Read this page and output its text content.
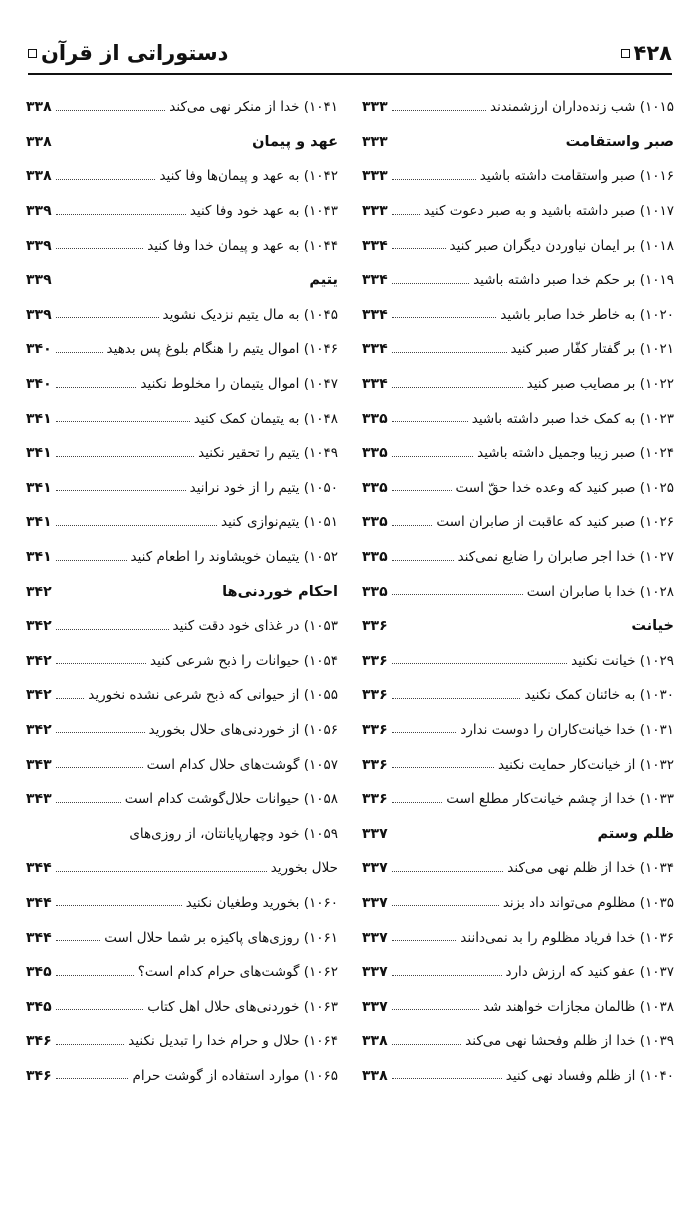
۴۲۸
دستوراتی از قرآن
۱۰۱۵) شب زنده‌داران ارزشمندند
۳۳۳
صبر واستقامت
۳۳۳
۱۰۱۶) صبر واستقامت داشته باشید
۳۳۳
۱۰۱۷) صبر داشته باشید و به صبر دعوت کنید
۳۳۳
۱۰۱۸) بر ایمان نیاوردن دیگران صبر کنید
۳۳۴
۱۰۱۹) بر حکم خدا صبر داشته باشید
۳۳۴
۱۰۲۰) به خاطر خدا صابر باشید
۳۳۴
۱۰۲۱) بر گفتار کفّار صبر کنید
۳۳۴
۱۰۲۲) بر مصایب صبر کنید
۳۳۴
۱۰۲۳) به کمک خدا صبر داشته باشید
۳۳۵
۱۰۲۴) صبر زیبا وجمیل داشته باشید
۳۳۵
۱۰۲۵) صبر کنید که وعده خدا حقّ است
۳۳۵
۱۰۲۶) صبر کنید که عاقبت از صابران است
۳۳۵
۱۰۲۷) خدا اجر صابران را ضایع نمی‌کند
۳۳۵
۱۰۲۸) خدا با صابران است
۳۳۵
خیانت
۳۳۶
۱۰۲۹) خیانت نکنید
۳۳۶
۱۰۳۰) به خائنان کمک نکنید
۳۳۶
۱۰۳۱) خدا خیانت‌کاران را دوست ندارد
۳۳۶
۱۰۳۲) از خیانت‌کار حمایت نکنید
۳۳۶
۱۰۳۳) خدا از چشم خیانت‌کار مطلع است
۳۳۶
ظلم وستم
۳۳۷
۱۰۳۴) خدا از ظلم نهی می‌کند
۳۳۷
۱۰۳۵) مظلوم می‌تواند داد بزند
۳۳۷
۱۰۳۶) خدا فریاد مظلوم را بد نمی‌دانند
۳۳۷
۱۰۳۷) عفو کنید که ارزش دارد
۳۳۷
۱۰۳۸) ظالمان مجازات خواهند شد
۳۳۷
۱۰۳۹) خدا از ظلم وفحشا نهی می‌کند
۳۳۸
۱۰۴۰) از ظلم وفساد نهی کنید
۳۳۸
۱۰۴۱) خدا از منکر نهی می‌کند
۳۳۸
عهد و پیمان
۳۳۸
۱۰۴۲) به عهد و پیمان‌ها وفا کنید
۳۳۸
۱۰۴۳) به عهد خود وفا کنید
۳۳۹
۱۰۴۴) به عهد و پیمان خدا وفا کنید
۳۳۹
یتیم
۳۳۹
۱۰۴۵) به مال یتیم نزدیک نشوید
۳۳۹
۱۰۴۶) اموال یتیم را هنگام بلوغ پس بدهید
۳۴۰
۱۰۴۷) اموال یتیمان را مخلوط نکنید
۳۴۰
۱۰۴۸) به یتیمان کمک کنید
۳۴۱
۱۰۴۹) یتیم را تحقیر نکنید
۳۴۱
۱۰۵۰) یتیم را از خود نرانید
۳۴۱
۱۰۵۱) یتیم‌نوازی کنید
۳۴۱
۱۰۵۲) یتیمان خویشاوند را اطعام کنید
۳۴۱
احکام خوردنی‌ها
۳۴۲
۱۰۵۳) در غذای خود دقت کنید
۳۴۲
۱۰۵۴) حیوانات را ذبح شرعی کنید
۳۴۲
۱۰۵۵) از حیوانی که ذبح شرعی نشده نخورید
۳۴۲
۱۰۵۶) از خوردنی‌های حلال بخورید
۳۴۲
۱۰۵۷) گوشت‌های حلال کدام است
۳۴۳
۱۰۵۸) حیوانات حلال‌گوشت کدام است
۳۴۳
۱۰۵۹) خود وچهارپایانتان، از روزی‌های
حلال بخورید
۳۴۴
۱۰۶۰) بخورید وطغیان نکنید
۳۴۴
۱۰۶۱) روزی‌های پاکیزه بر شما حلال است
۳۴۴
۱۰۶۲) گوشت‌های حرام کدام است؟
۳۴۵
۱۰۶۳) خوردنی‌های حلال اهل کتاب
۳۴۵
۱۰۶۴) حلال و حرام خدا را تبدیل نکنید
۳۴۶
۱۰۶۵) موارد استفاده از گوشت حرام
۳۴۶
